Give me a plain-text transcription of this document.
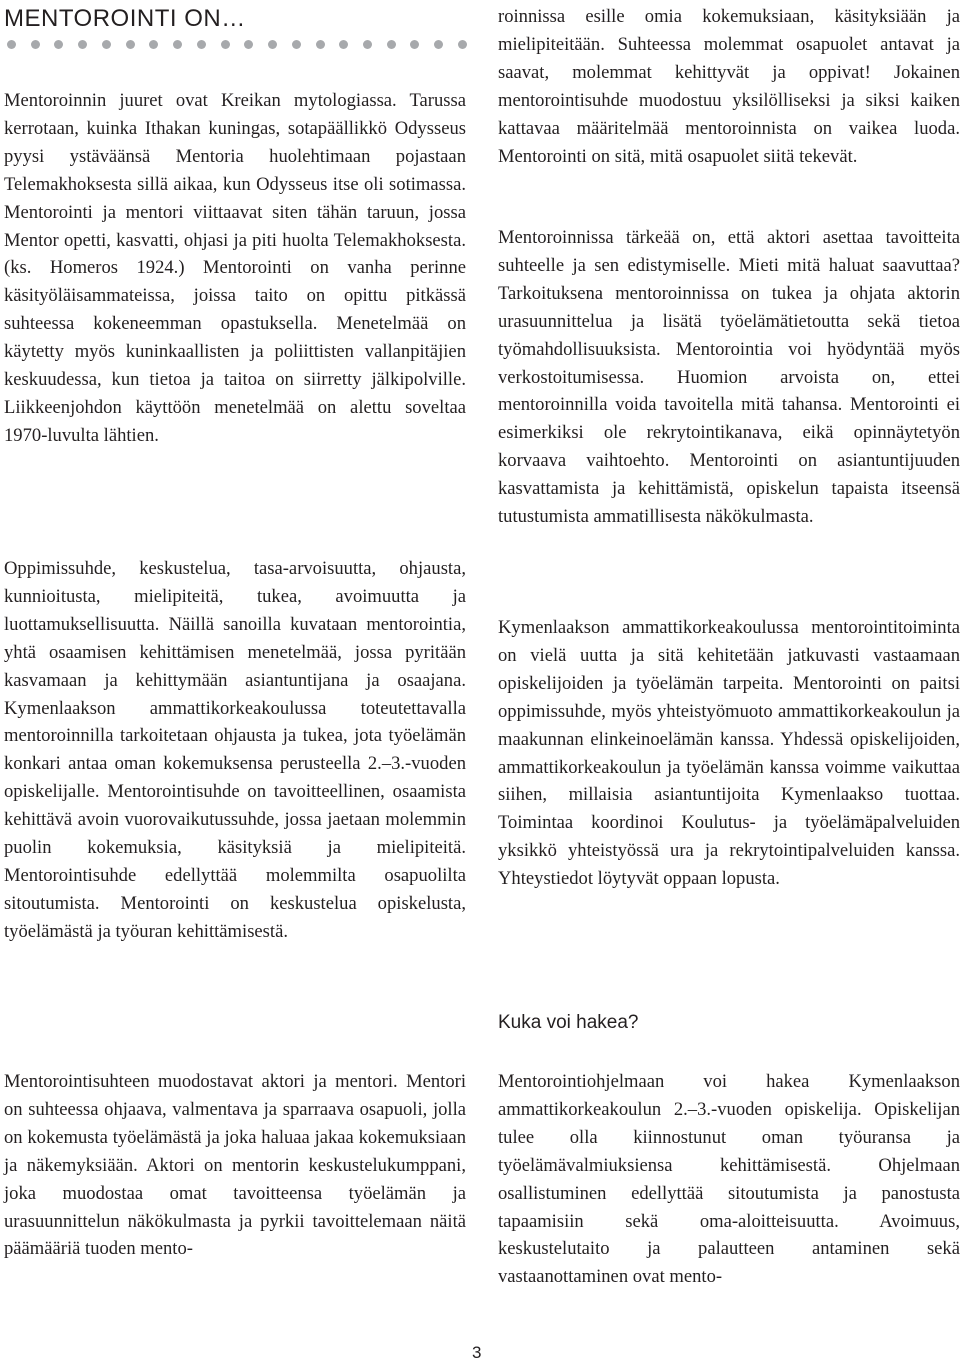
MENTOROINTI ON…

Mentoroinnin juuret ovat Kreikan mytologiassa. Tarussa kerrotaan, kuinka Ithakan kuningas, sotapäällikkö Odysseus pyysi ystäväänsä Mentoria huolehtimaan pojastaan Telemakhoksesta sillä aikaa, kun Odysseus itse oli sotimassa. Mentorointi ja mentori viittaavat siten tähän taruun, jossa Mentor opetti, kasvatti, ohjasi ja piti huolta Telemakhoksesta. (ks. Homeros 1924.) Mentorointi on vanha perinne käsityöläisammateissa, joissa taito on opittu pitkässä suhteessa kokeneemman opastuksella. Menetelmää on käytetty myös kuninkaallisten ja poliittisten vallanpitäjien keskuudessa, kun tietoa ja taitoa on siirretty jälkipolville. Liikkeenjohdon käyttöön menetelmää on alettu soveltaa 1970-luvulta lähtien.

Oppimissuhde, keskustelua, tasa-arvoisuutta, ohjausta, kunnioitusta, mielipiteitä, tukea, avoimuutta ja luottamuksellisuutta. Näillä sanoilla kuvataan mentorointia, yhtä osaamisen kehittämisen menetelmää, jossa pyritään kasvamaan ja kehittymään asiantuntijana ja osaajana. Kymenlaakson ammattikorkeakoulussa toteutettavalla mentoroinnilla tarkoitetaan ohjausta ja tukea, jota työelämän konkari antaa oman kokemuksensa perusteella 2.–3.-vuoden opiskelijalle. Mentorointisuhde on tavoitteellinen, osaamista kehittävä avoin vuorovaikutussuhde, jossa jaetaan molemmin puolin kokemuksia, käsityksiä ja mielipiteitä. Mentorointisuhde edellyttää molemmilta osapuolilta sitoutumista. Mentorointi on keskustelua opiskelusta, työelämästä ja työuran kehittämisestä.

Mentorointisuhteen muodostavat aktori ja mentori. Mentori on suhteessa ohjaava, valmentava ja sparraava osapuoli, jolla on kokemusta työelämästä ja joka haluaa jakaa kokemuksiaan ja näkemyksiään. Aktori on mentorin keskustelukumppani, joka muodostaa omat tavoitteensa työelämän ja urasuunnittelun näkökulmasta ja pyrkii tavoittelemaan näitä päämääriä tuoden mento-

roinnissa esille omia kokemuksiaan, käsityksiään ja mielipiteitään. Suhteessa molemmat osapuolet antavat ja saavat, molemmat kehittyvät ja oppivat! Jokainen mentorointisuhde muodostuu yksilölliseksi ja siksi kaiken kattavaa määritelmää mentoroinnista on vaikea luoda. Mentorointi on sitä, mitä osapuolet siitä tekevät.

Mentoroinnissa tärkeää on, että aktori asettaa tavoitteita suhteelle ja sen edistymiselle. Mieti mitä haluat saavuttaa? Tarkoituksena mentoroinnissa on tukea ja ohjata aktorin urasuunnittelua ja lisätä työelämätietoutta sekä tietoa työmahdollisuuksista. Mentorointia voi hyödyntää myös verkostoitumisessa. Huomion arvoista on, ettei mentoroinnilla voida tavoitella mitä tahansa. Mentorointi ei esimerkiksi ole rekrytointikanava, eikä opinnäytetyön korvaava vaihtoehto. Mentorointi on asiantuntijuuden kasvattamista ja kehittämistä, opiskelun tapaista itseensä tutustumista ammatillisesta näkökulmasta.

Kymenlaakson ammattikorkeakoulussa mentorointitoiminta on vielä uutta ja sitä kehitetään jatkuvasti vastaamaan opiskelijoiden ja työelämän tarpeita. Mentorointi on paitsi oppimissuhde, myös yhteistyömuoto ammattikorkeakoulun ja maakunnan elinkeinoelämän kanssa. Yhdessä opiskelijoiden, ammattikorkeakoulun ja työelämän kanssa voimme vaikuttaa siihen, millaisia asiantuntijoita Kymenlaakso tuottaa. Toimintaa koordinoi Koulutus- ja työelämäpalveluiden yksikkö yhteistyössä ura ja rekrytointipalveluiden kanssa. Yhteystiedot löytyvät oppaan lopusta.

Kuka voi hakea?

Mentorointiohjelmaan voi hakea Kymenlaakson ammattikorkeakoulun 2.–3.-vuoden opiskelija. Opiskelijan tulee olla kiinnostunut oman työuransa ja työelämävalmiuksiensa kehittämisestä. Ohjelmaan osallistuminen edellyttää sitoutumista ja panostusta tapaamisiin sekä oma-aloitteisuutta. Avoimuus, keskustelutaito ja palautteen antaminen sekä vastaanottaminen ovat mento-

3
